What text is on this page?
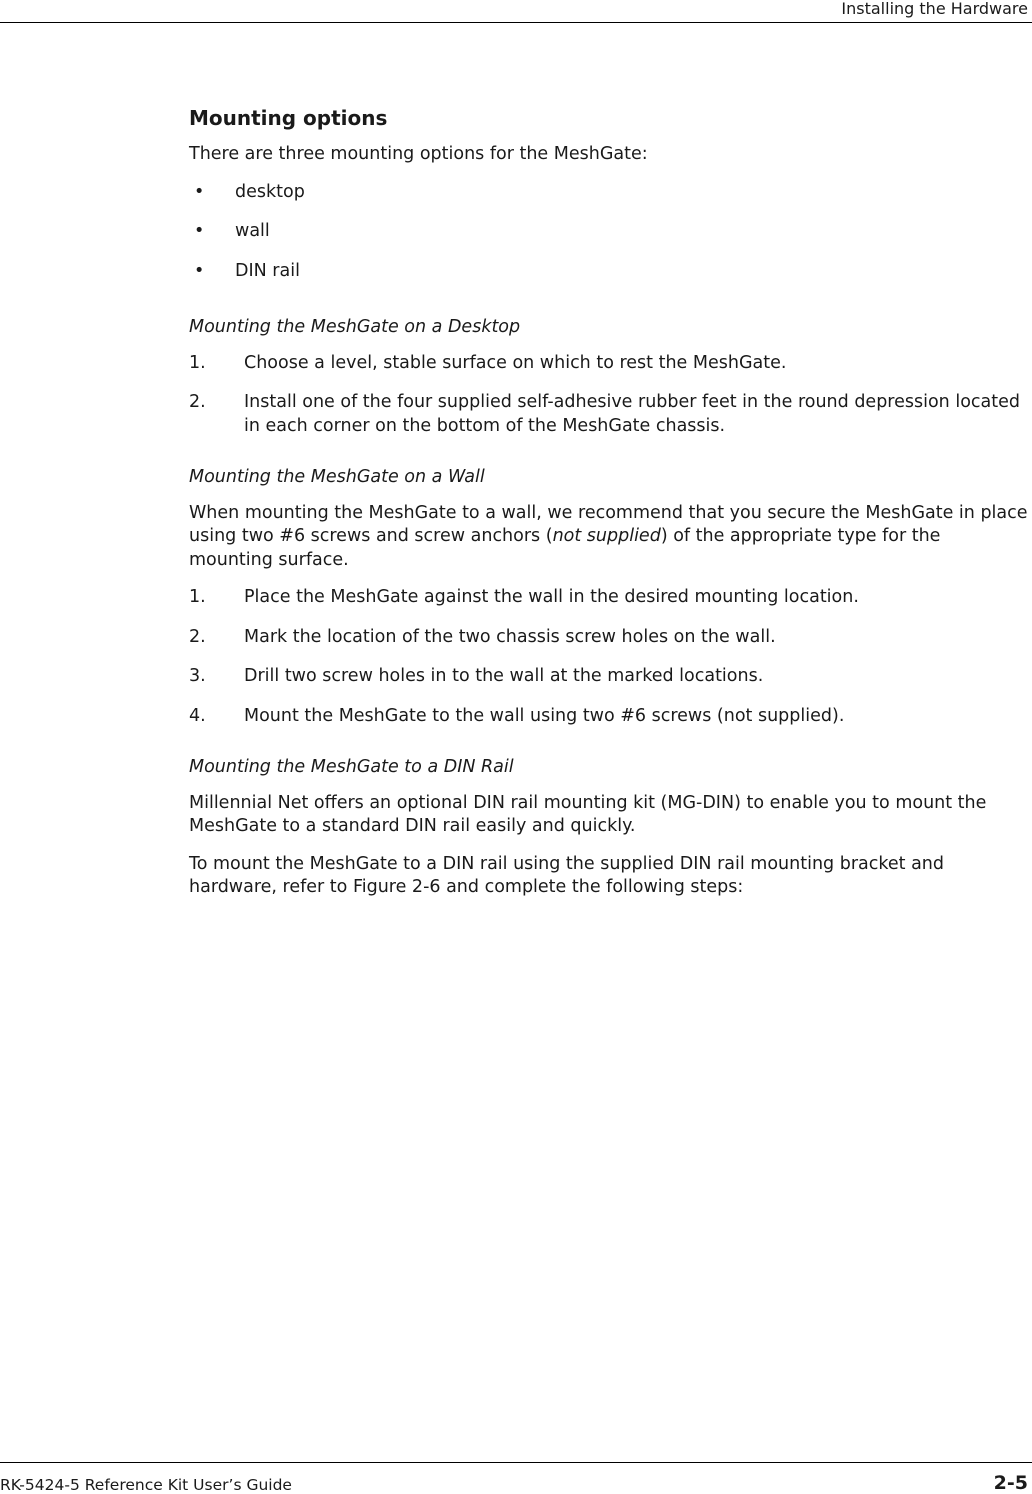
Installing the Hardware
Mounting options

There are three mounting options for the MeshGate:

• desktop
• wall
• DIN rail
Mounting the MeshGate on a Desktop
1. Choose a level, stable surface on which to rest the MeshGate.
2. Install one of the four supplied self-adhesive rubber feet in the round depression located in each corner on the bottom of the MeshGate chassis.
Mounting the MeshGate on a Wall

When mounting the MeshGate to a wall, we recommend that you secure the MeshGate in place using two #6 screws and screw anchors (not supplied) of the appropriate type for the mounting surface.

1. Place the MeshGate against the wall in the desired mounting location.
2. Mark the location of the two chassis screw holes on the wall.
3. Drill two screw holes in to the wall at the marked locations.
4. Mount the MeshGate to the wall using two #6 screws (not supplied).
Mounting the MeshGate to a DIN Rail

Millennial Net offers an optional DIN rail mounting kit (MG-DIN) to enable you to mount the MeshGate to a standard DIN rail easily and quickly.

To mount the MeshGate to a DIN rail using the supplied DIN rail mounting bracket and hardware, refer to Figure 2-6 and complete the following steps:

RK-5424-5 Reference Kit User’s Guide	2-5
